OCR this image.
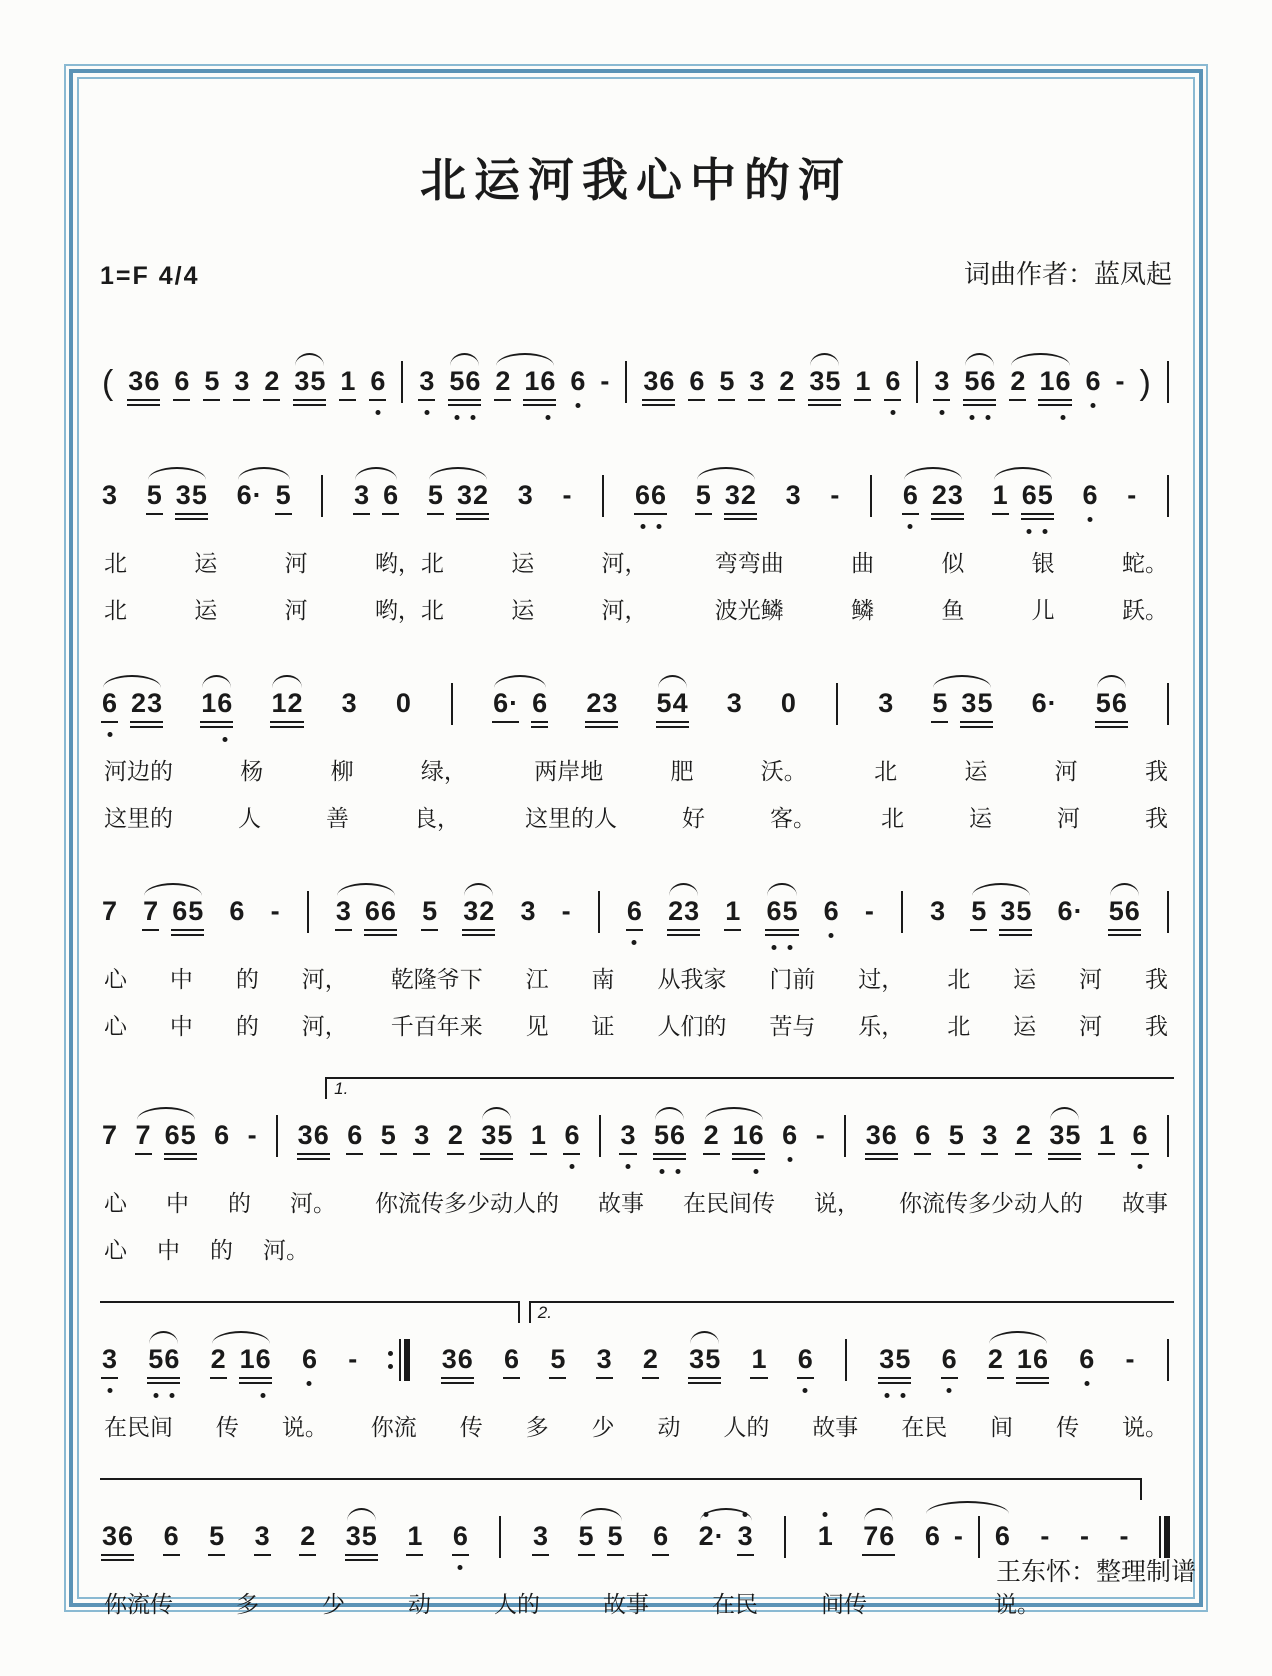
北运河我心中的河
1=F 4/4	词曲作者：蓝凤起
( 3 6 6 5 3 2 3 5 1 6 3 5 6 2 1 6 6 - 3 6 6 5 3 2 3 5 1 6 3 5 6 2 1 6 6 - )
3 5 3 5 6 · 5 3 6 5 3 2 3 - 6 6 5 3 2 3 - 6 2 3 1 6 5 6 -
北	运	河	哟，北	运	河，	弯弯曲	曲	似	银	蛇。
北	运	河	哟，北	运	河，	波光鳞	鳞	鱼	儿	跃。
6 2 3 1 6 1 2 3 0	6 · 6 2 3 5 4 3 0	3 5 3 5 6 · 5 6
河边的	杨	柳	绿，	两岸地	肥	沃。	北	运	河	我
这里的	人	善	良，	这里的人	好	客。	北	运	河	我
7 7 6 5 6 - 3 6 6 5 3 2 3 - 6 2 3 1 6 5 6 - 3 5 3 5 6 · 5 6
心 中 的 河， 乾隆爷下 江 南 从我家 门前 过， 北 运 河 我
心 中 的 河， 千百年来 见 证 人们的 苦与 乐， 北 运 河 我
1.
7 7 6 5 6 - 3 6 6 5 3 2 3 5 1 6 3 5 6 2 1 6 6 - 3 6 6 5 3 2 3 5 1 6
心 中 的 河。 你流传多少动人的 故事 在民间传 说， 你流传多少动人的 故事
心 中 的 河。
2.
3 5 6 2 1 6 6 -	3 6 6 5 3 2 3 5 1 6 3 5 6 2 1 6 6 -
在民间 传 说。 你流 传 多 少 动 人的 故事 在民 间 传 说。
3 6 6 5 3 2 3 5 1 6 3 5 5 6 2 · 3 1 7 6 6 - 6 - - -
你流传	多	少	动	人的	故事	在民	间传	说。
王东怀：整理制谱
